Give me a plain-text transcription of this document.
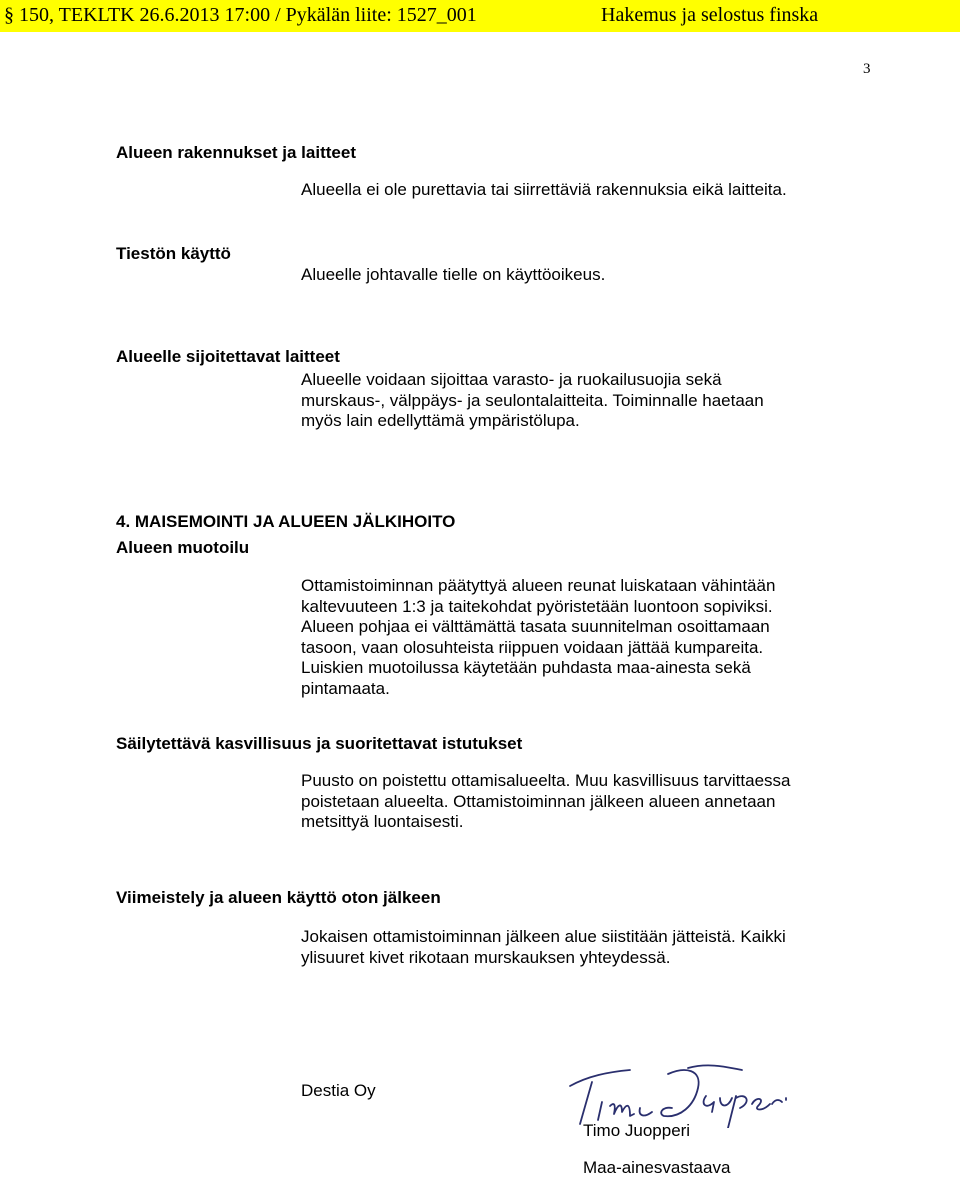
§ 150, TEKLTK 26.6.2013 17:00 / Pykälän liite: 1527_001	Hakemus ja selostus finska
3
Alueen rakennukset ja laitteet
Alueella ei ole purettavia tai siirrettäviä rakennuksia eikä laitteita.
Tiestön käyttö
Alueelle johtavalle tielle on käyttöoikeus.
Alueelle sijoitettavat laitteet
Alueelle voidaan sijoittaa varasto- ja ruokailusuojia sekä
murskaus-, välppäys- ja seulontalaitteita. Toiminnalle haetaan
myös lain edellyttämä ympäristölupa.
4. MAISEMOINTI JA ALUEEN JÄLKIHOITO
Alueen muotoilu
Ottamistoiminnan päätyttyä alueen reunat luiskataan vähintään
kaltevuuteen 1:3 ja taitekohdat pyöristetään luontoon sopiviksi.
Alueen pohjaa ei välttämättä tasata suunnitelman osoittamaan
tasoon, vaan olosuhteista riippuen voidaan jättää kumpareita.
Luiskien muotoilussa käytetään puhdasta maa-ainesta sekä
pintamaata.
Säilytettävä kasvillisuus ja suoritettavat istutukset
Puusto on poistettu ottamisalueelta. Muu kasvillisuus tarvittaessa
poistetaan alueelta. Ottamistoiminnan jälkeen alueen annetaan
metsittyä luontaisesti.
Viimeistely ja alueen käyttö oton jälkeen
Jokaisen ottamistoiminnan jälkeen alue siistitään jätteistä. Kaikki
ylisuuret kivet rikotaan murskauksen yhteydessä.
Destia Oy
Timo Juopperi
Maa-ainesvastaava
